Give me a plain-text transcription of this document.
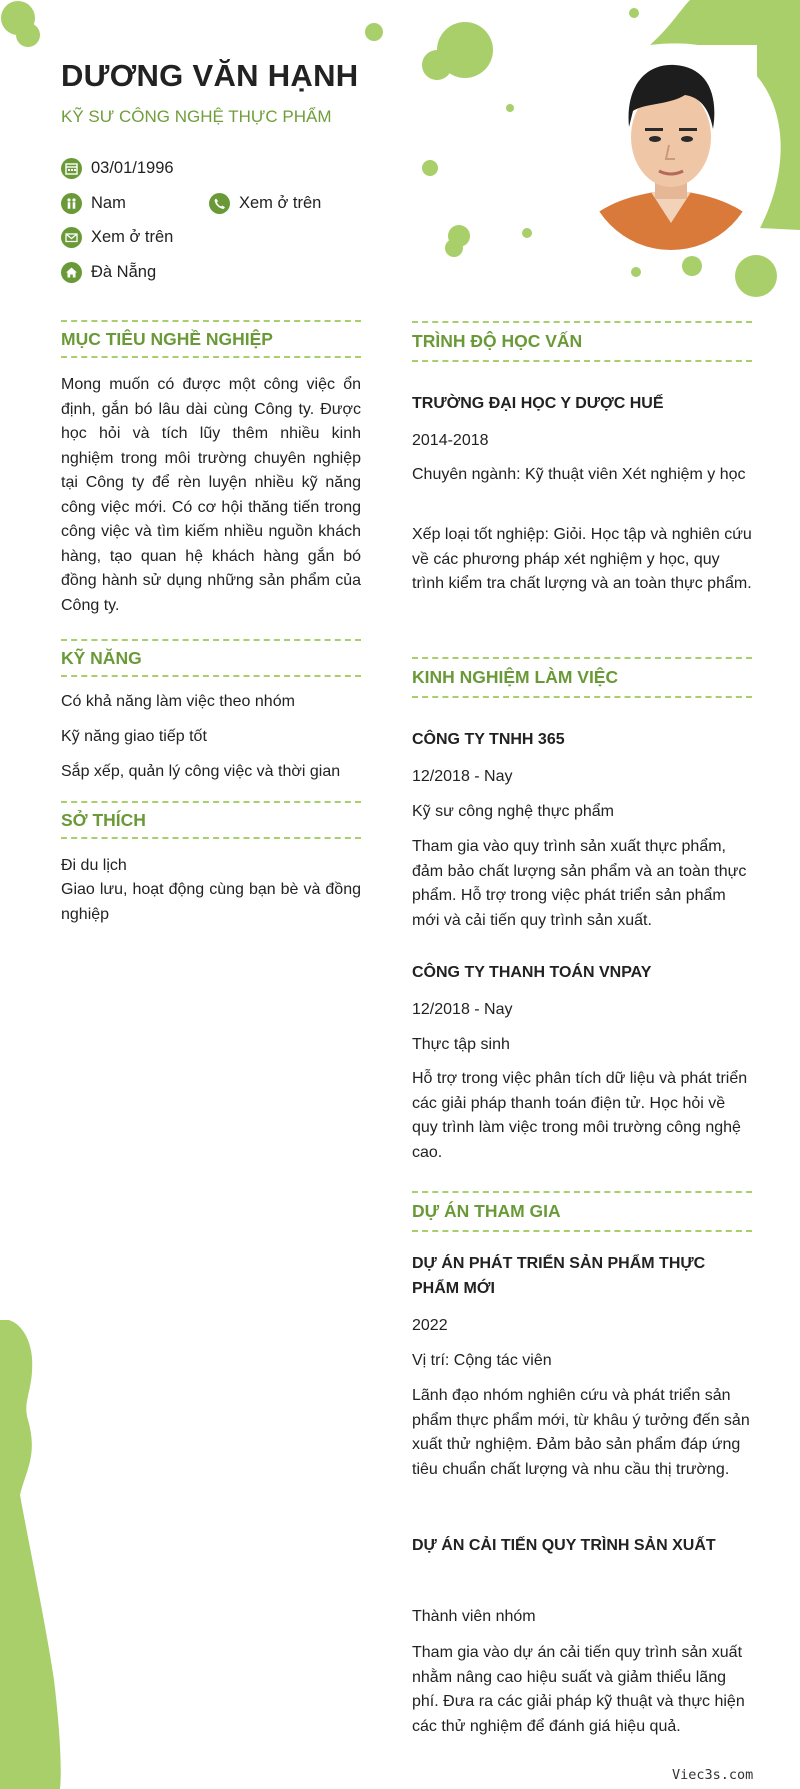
DƯƠNG VĂN HẠNH
KỸ SƯ CÔNG NGHỆ THỰC PHẨM
03/01/1996
Nam	Xem ở trên
Xem ở trên
Đà Nẵng
MỤC TIÊU NGHỀ NGHIỆP
Mong muốn có được một công việc ổn định, gắn bó lâu dài cùng Công ty. Được học hỏi và tích lũy thêm nhiều kinh nghiệm trong môi trường chuyên nghiệp tại Công ty để rèn luyện nhiều kỹ năng công việc mới. Có cơ hội thăng tiến trong công việc và tìm kiếm nhiều nguồn khách hàng, tạo quan hệ khách hàng gắn bó đồng hành sử dụng những sản phẩm của Công ty.
KỸ NĂNG
Có khả năng làm việc theo nhóm
Kỹ năng giao tiếp tốt
Sắp xếp, quản lý công việc và thời gian
SỞ THÍCH
Đi du lịch
Giao lưu, hoạt động cùng bạn bè và đồng nghiệp
TRÌNH ĐỘ HỌC VẤN
TRƯỜNG ĐẠI HỌC Y DƯỢC HUẾ
2014-2018
Chuyên ngành: Kỹ thuật viên Xét nghiệm y học
Xếp loại tốt nghiệp: Giỏi. Học tập và nghiên cứu về các phương pháp xét nghiệm y học, quy trình kiểm tra chất lượng và an toàn thực phẩm.
KINH NGHIỆM LÀM VIỆC
CÔNG TY TNHH 365
12/2018 - Nay
Kỹ sư công nghệ thực phẩm
Tham gia vào quy trình sản xuất thực phẩm, đảm bảo chất lượng sản phẩm và an toàn thực phẩm. Hỗ trợ trong việc phát triển sản phẩm mới và cải tiến quy trình sản xuất.
CÔNG TY THANH TOÁN VNPAY
12/2018 - Nay
Thực tập sinh
Hỗ trợ trong việc phân tích dữ liệu và phát triển các giải pháp thanh toán điện tử. Học hỏi về quy trình làm việc trong môi trường công nghệ cao.
DỰ ÁN THAM GIA
DỰ ÁN PHÁT TRIỂN SẢN PHẨM THỰC PHẨM MỚI
2022
Vị trí: Cộng tác viên
Lãnh đạo nhóm nghiên cứu và phát triển sản phẩm thực phẩm mới, từ khâu ý tưởng đến sản xuất thử nghiệm. Đảm bảo sản phẩm đáp ứng tiêu chuẩn chất lượng và nhu cầu thị trường.
DỰ ÁN CẢI TIẾN QUY TRÌNH SẢN XUẤT
Thành viên nhóm
Tham gia vào dự án cải tiến quy trình sản xuất nhằm nâng cao hiệu suất và giảm thiểu lãng phí. Đưa ra các giải pháp kỹ thuật và thực hiện các thử nghiệm để đánh giá hiệu quả.
Viec3s.com
